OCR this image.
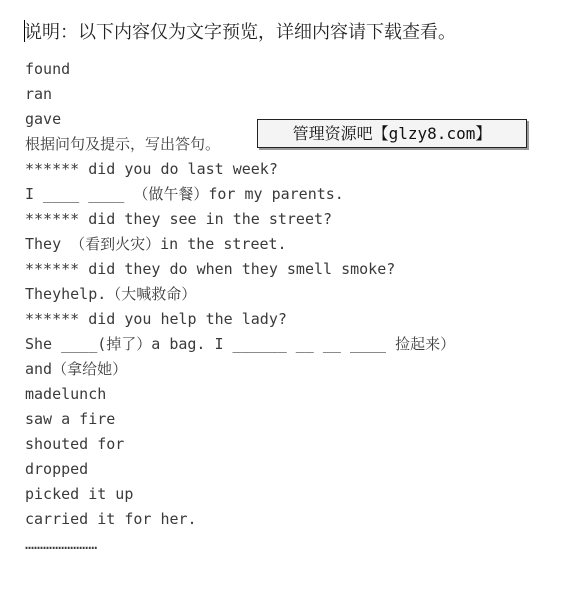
说明：以下内容仅为文字预览，详细内容请下载查看。
found
ran
gave
根据问句及提示，写出答句。
****** did you do last week?
I ____ ____ （做午餐）for my parents.
****** did they see in the street?
They （看到火灾）in the street.
****** did they do when they smell smoke?
Theyhelp.（大喊救命）
****** did you help the lady?
She ____(掉了）a bag. I ______ __ __ ____ 捡起来）
and（拿给她）
madelunch
saw a fire
shouted for
dropped
picked it up
carried it for her.
……………………
管理资源吧【glzy8.com】
